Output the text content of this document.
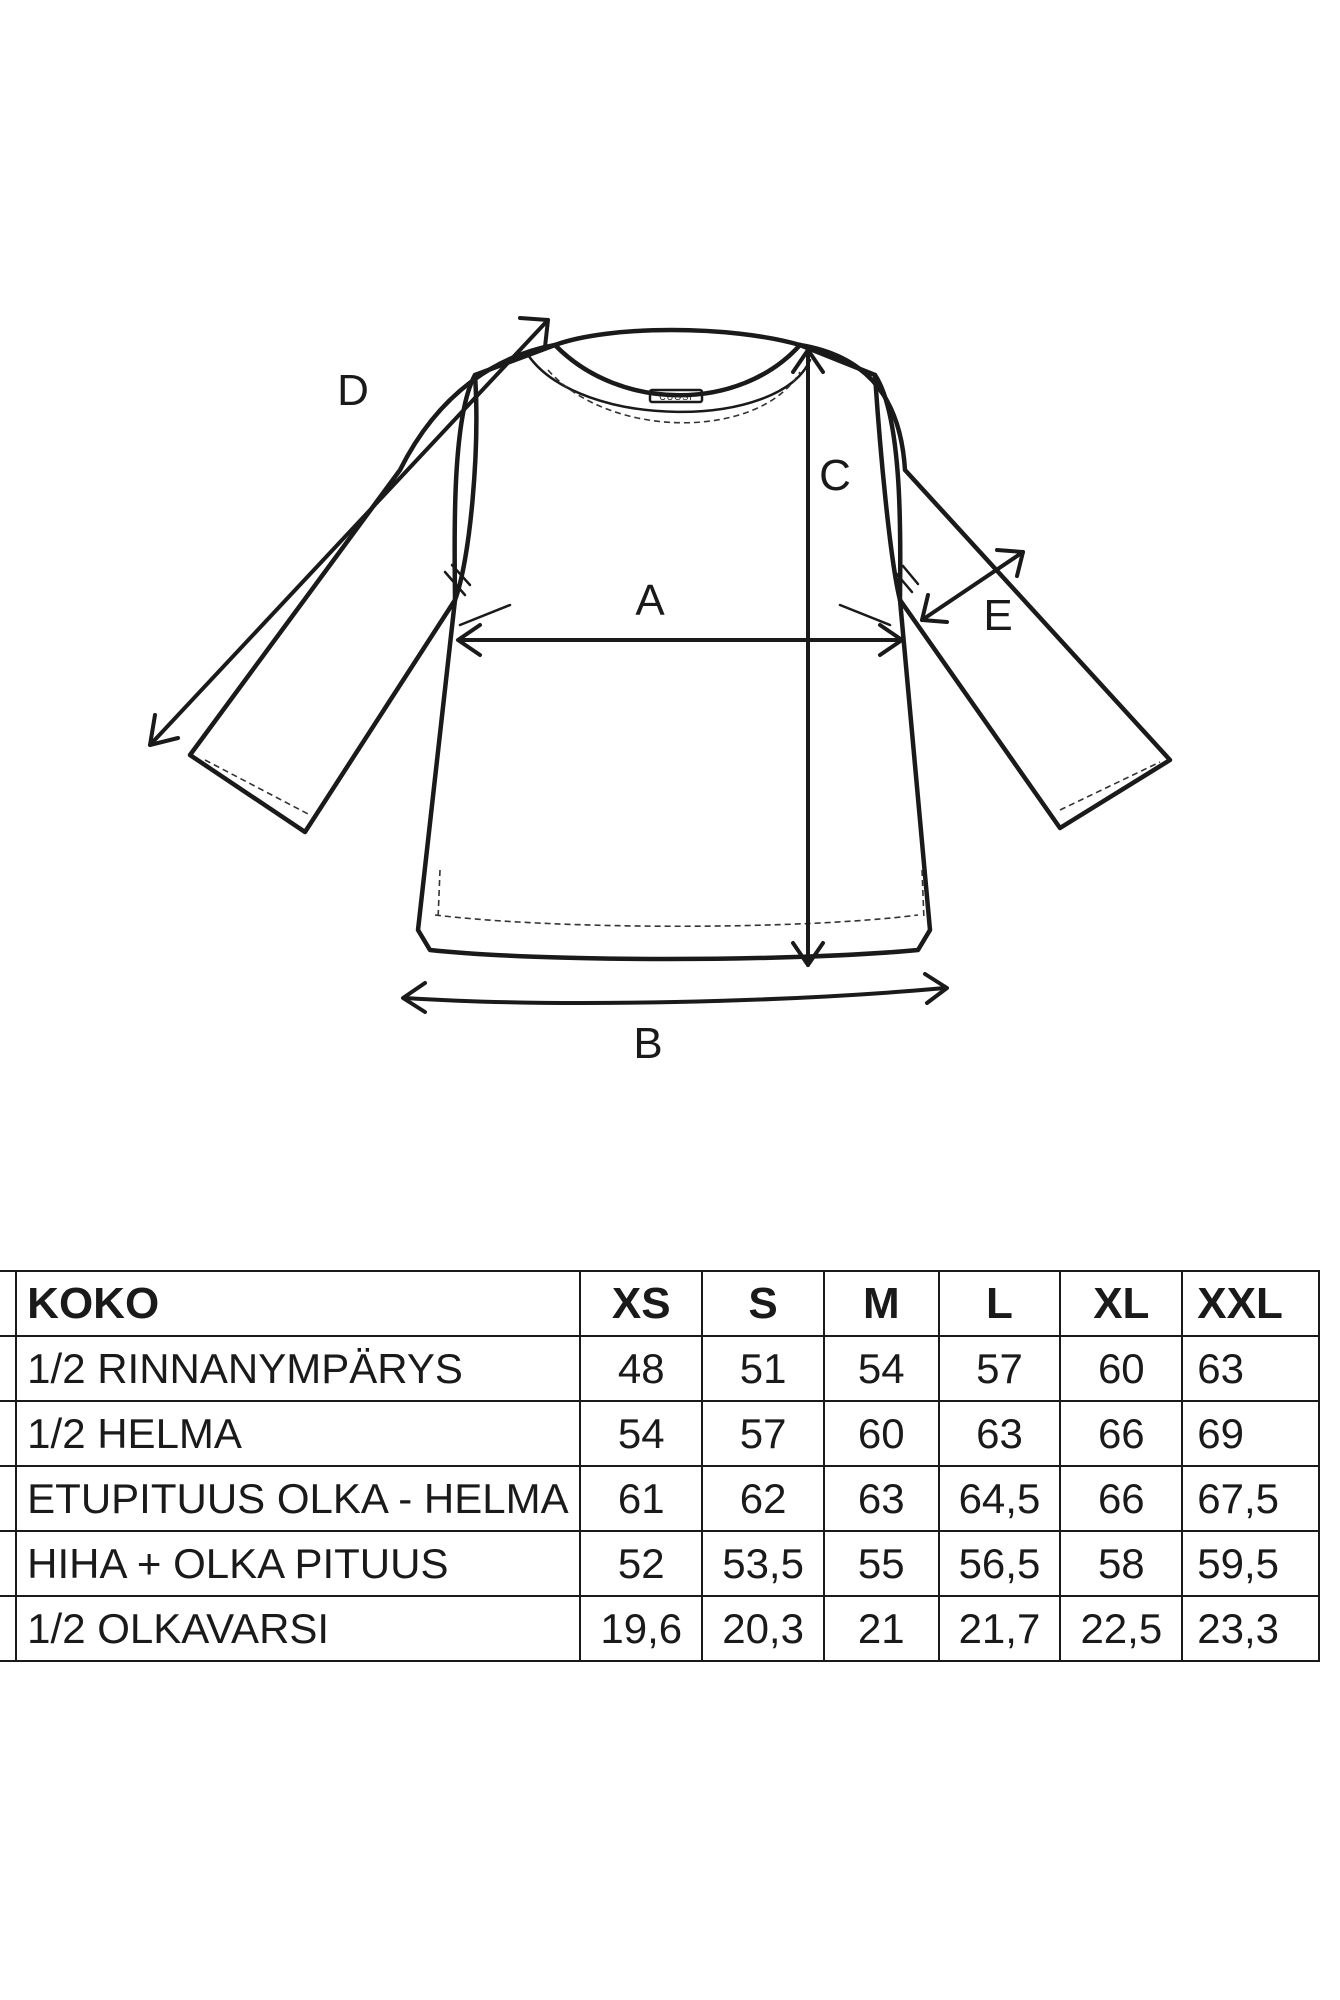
CUOSI
A
B
C
D
E
	KOKO	XS	S	M	L	XL	XXL
	1/2 RINNANYMPÄRYS	48	51	54	57	60	63
	1/2 HELMA	54	57	60	63	66	69
	ETUPITUUS OLKA - HELMA	61	62	63	64,5	66	67,5
	HIHA + OLKA PITUUS	52	53,5	55	56,5	58	59,5
	1/2 OLKAVARSI	19,6	20,3	21	21,7	22,5	23,3
